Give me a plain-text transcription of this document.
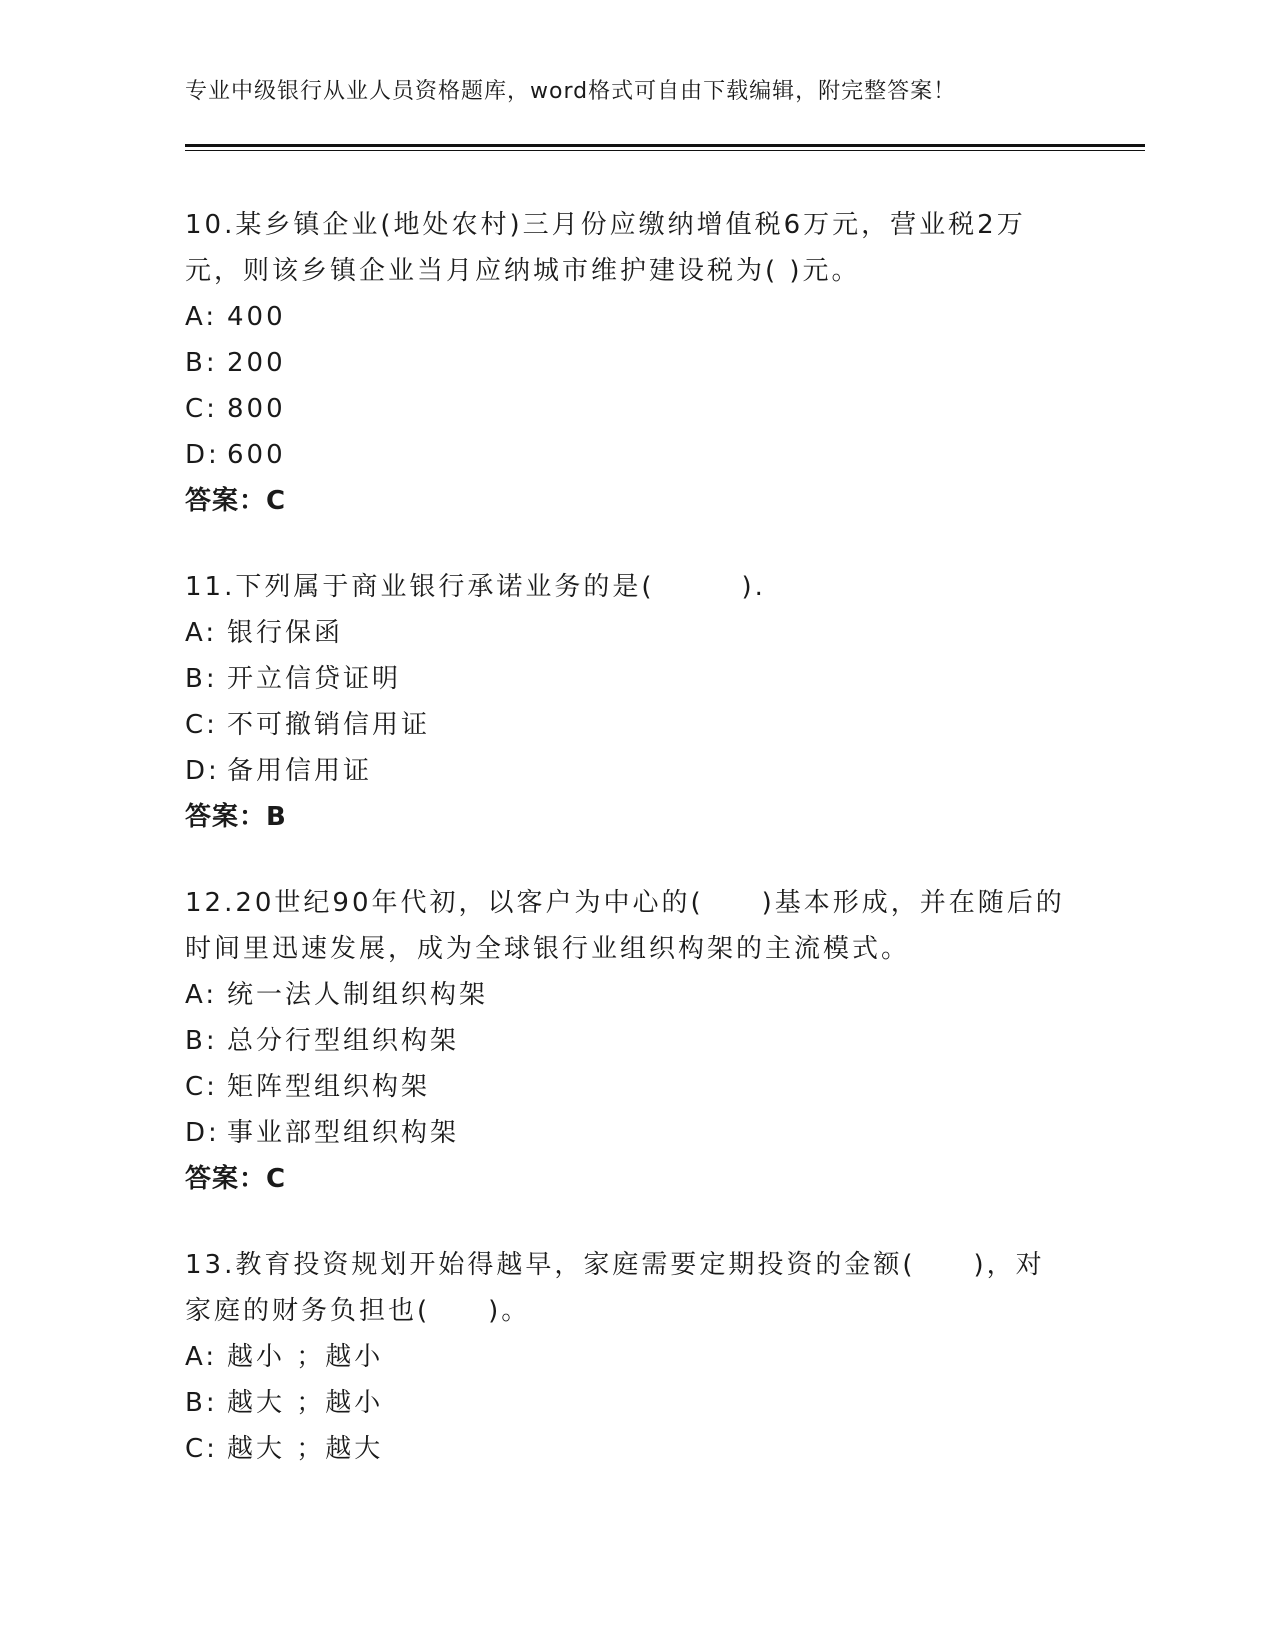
专业中级银行从业人员资格题库，word格式可自由下载编辑，附完整答案！

10.某乡镇企业(地处农村)三月份应缴纳增值税6万元，营业税2万元，则该乡镇企业当月应纳城市维护建设税为( )元。

A: 400
B: 200
C: 800
D: 600
答案：C

11.下列属于商业银行承诺业务的是(　　　).

A: 银行保函
B: 开立信贷证明
C: 不可撤销信用证
D: 备用信用证
答案：B

12.20世纪90年代初，以客户为中心的(　　)基本形成，并在随后的时间里迅速发展，成为全球银行业组织构架的主流模式。

A: 统一法人制组织构架
B: 总分行型组织构架
C: 矩阵型组织构架
D: 事业部型组织构架
答案：C

13.教育投资规划开始得越早，家庭需要定期投资的金额(　　)，对家庭的财务负担也(　　)。

A: 越小 ；越小
B: 越大 ；越小
C: 越大 ；越大
